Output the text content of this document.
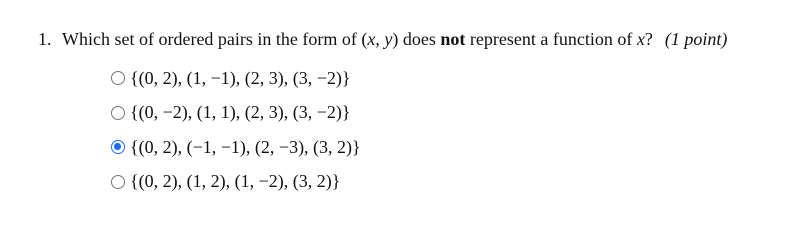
1. Which set of ordered pairs in the form of (x, y) does not represent a function of x? (1 point)
{(0, 2), (1, −1), (2, 3), (3, −2)}
{(0, −2), (1, 1), (2, 3), (3, −2)}
{(0, 2), (−1, −1), (2, −3), (3, 2)}
{(0, 2), (1, 2), (1, −2), (3, 2)}
